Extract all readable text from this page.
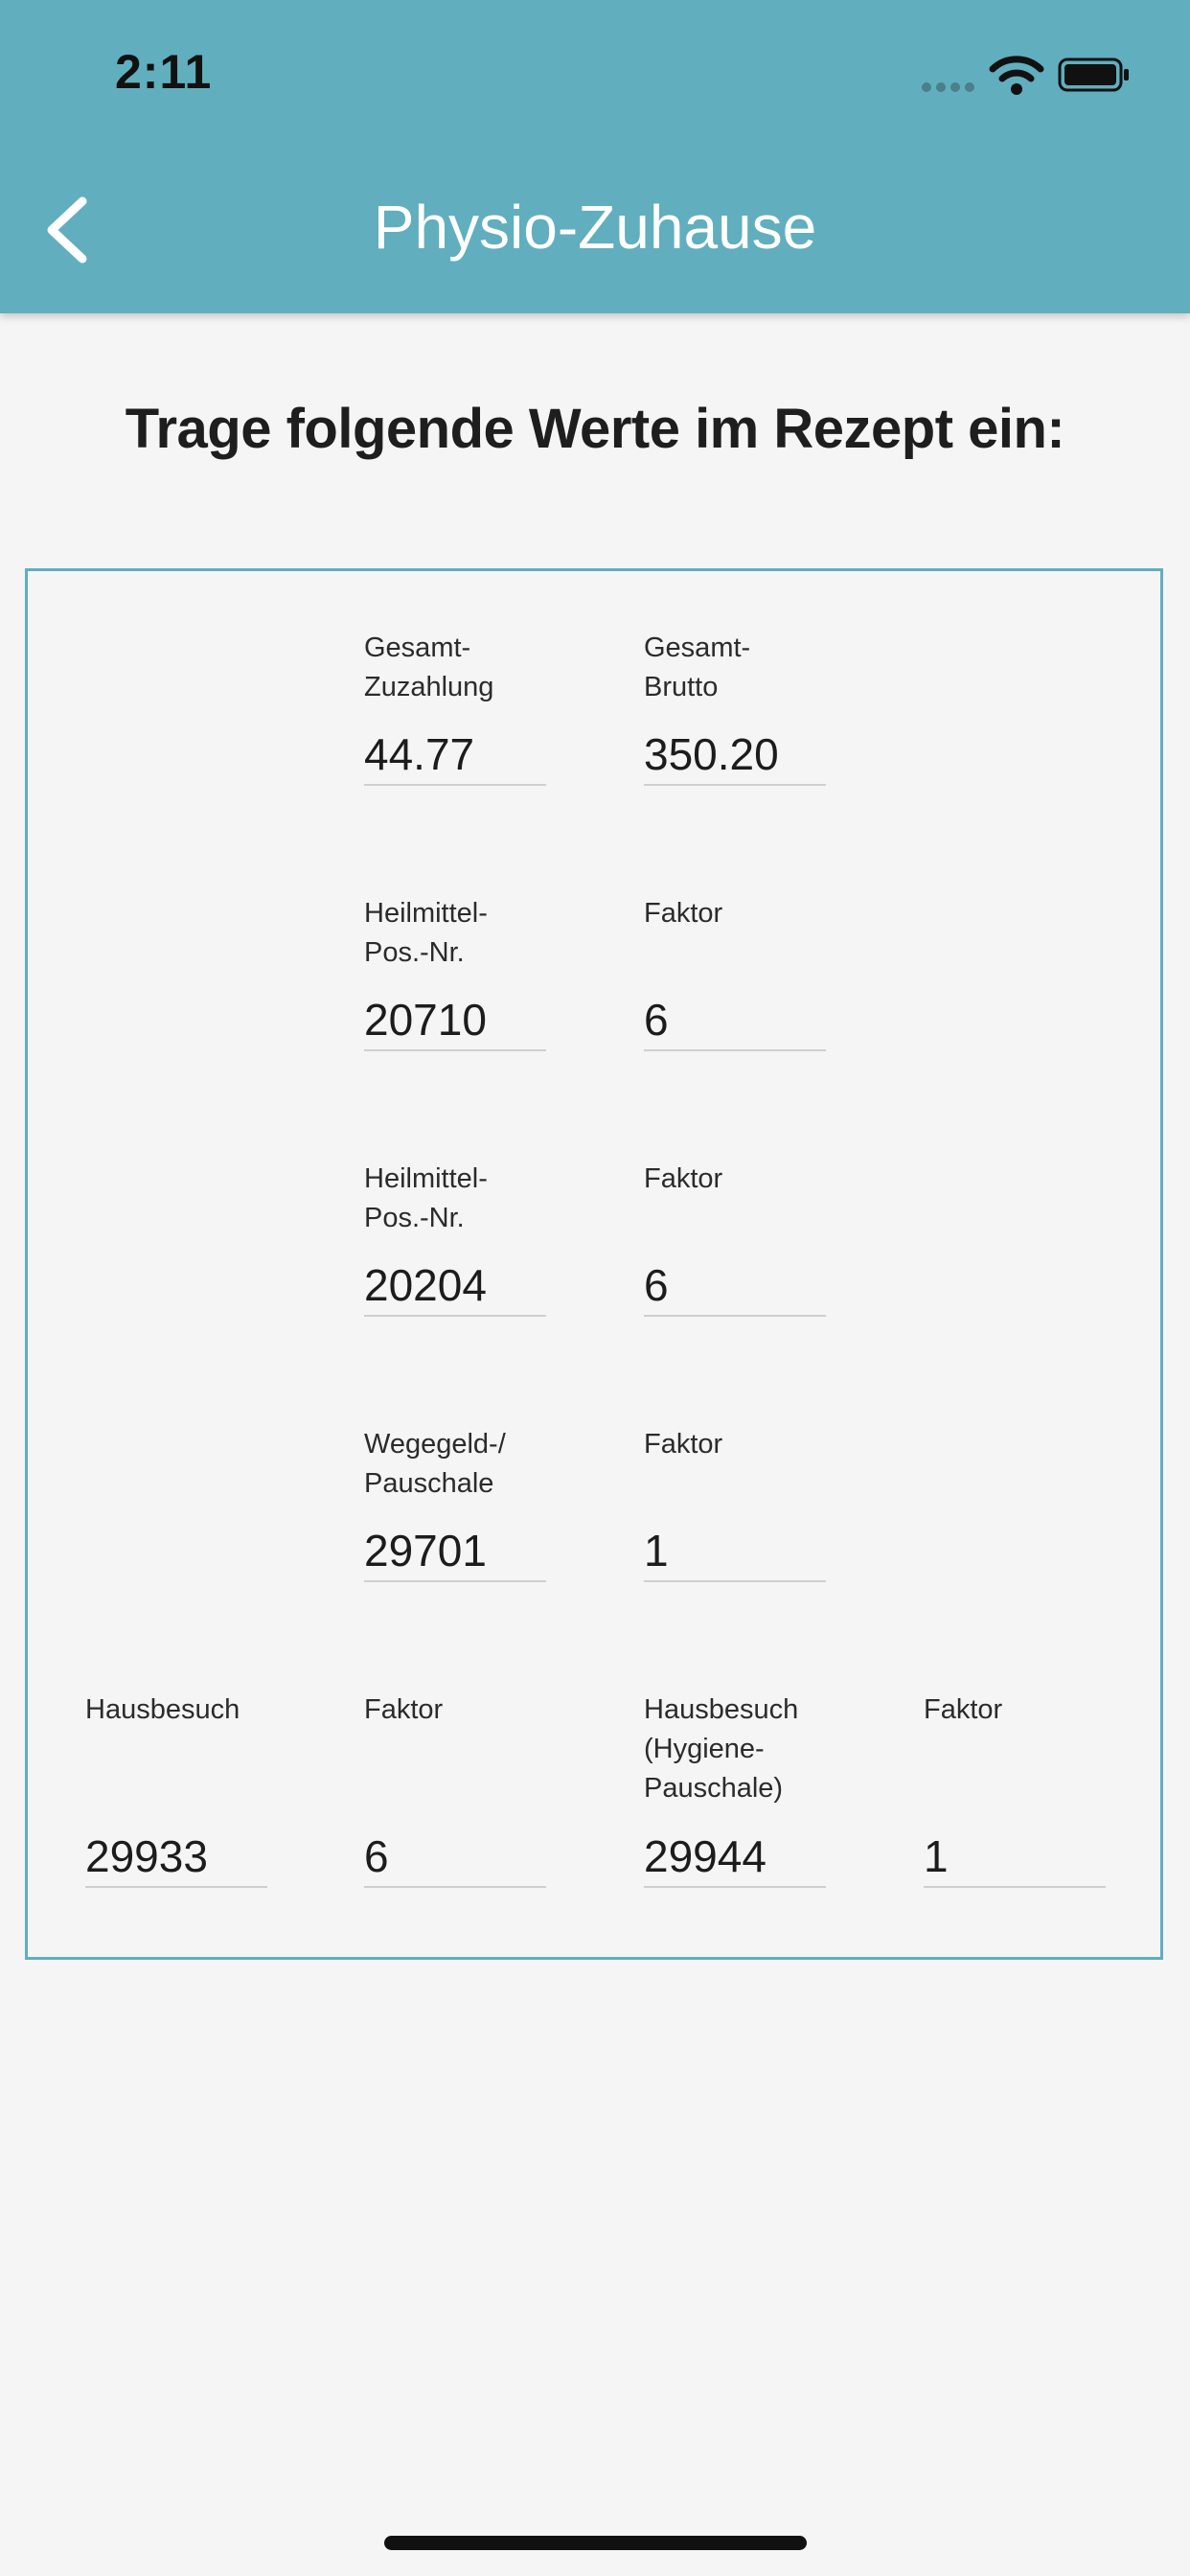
2:11
Physio-Zuhause
Trage folgende Werte im Rezept ein:

Gesamt-
Zuzahlung

44.77

Gesamt-
Brutto

350.20

Heilmittel-
Pos.-Nr.

20710

Faktor

6

Heilmittel-
Pos.-Nr.

20204

Faktor

6

Wegegeld-/
Pauschale

29701

Faktor

1

Hausbesuch

29933	Faktor

6	Hausbesuch
(Hygiene-
Pauschale)

29944

Faktor

1
